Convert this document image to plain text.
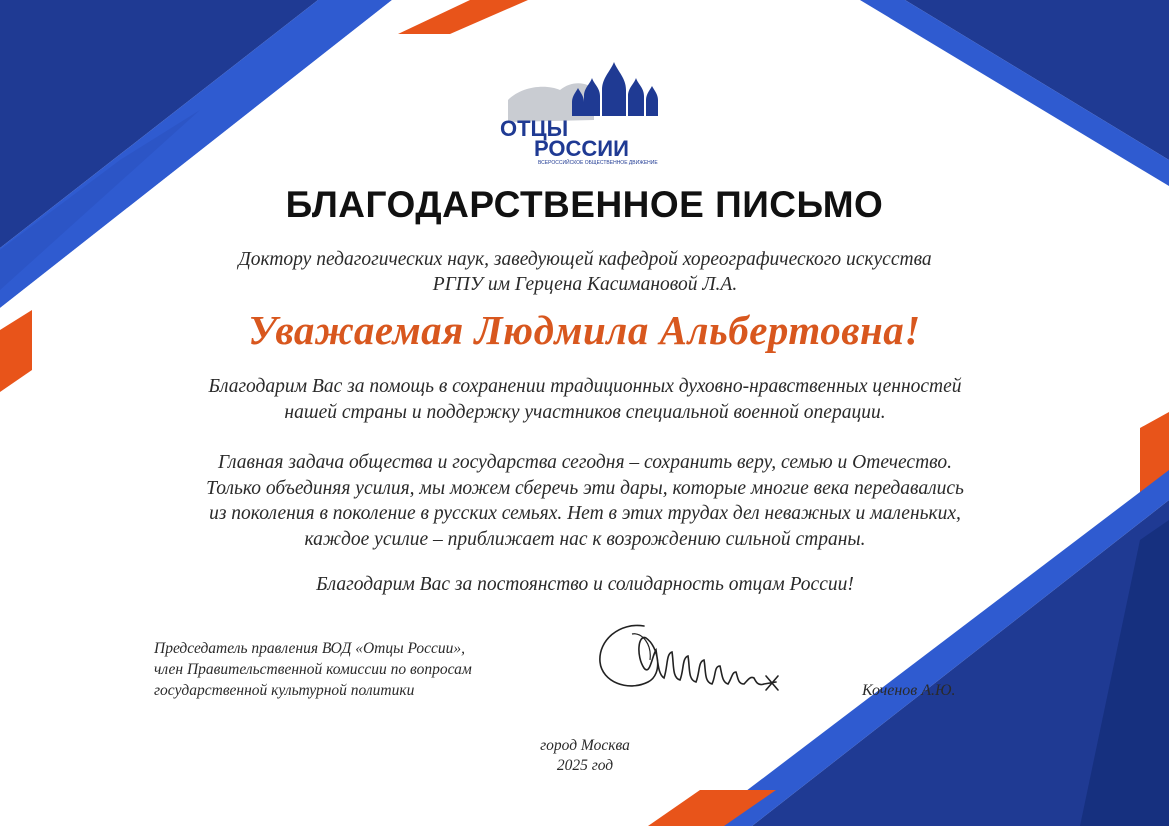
ОТЦЫ
РОССИИ
ВСЕРОССИЙСКОЕ ОБЩЕСТВЕННОЕ ДВИЖЕНИЕ
БЛАГОДАРСТВЕННОЕ ПИСЬМО
Доктору педагогических наук, заведующей кафедрой хореографического искусства
РГПУ им Герцена Касимановой Л.А.
Уважаемая Людмила Альбертовна!
Благодарим Вас за помощь в сохранении традиционных духовно-нравственных ценностей
нашей страны и поддержку участников специальной военной операции.
Главная задача общества и государства сегодня – сохранить веру, семью и Отечество.
Только объединяя усилия, мы можем сберечь эти дары, которые многие века передавались
из поколения в поколение в русских семьях. Нет в этих трудах дел неважных и маленьких,
каждое усилие – приближает нас к возрождению сильной страны.
Благодарим Вас за постоянство и солидарность отцам России!
Председатель правления ВОД «Отцы России»,
член Правительственной комиссии по вопросам
государственной культурной политики	Коченов А.Ю.
город Москва
2025 год
